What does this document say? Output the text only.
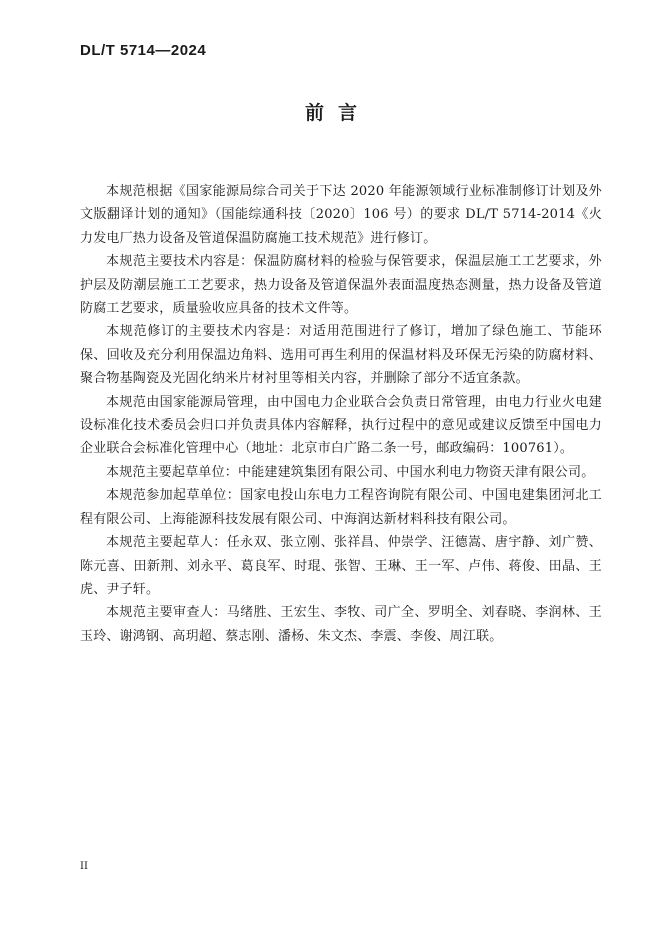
DL/T 5714—2024
前言

本规范根据《国家能源局综合司关于下达 2020 年能源领域行业标准制修订计划及外文版翻译计划的通知》（国能综通科技〔2020〕106 号）的要求 DL/T 5714-2014《火力发电厂热力设备及管道保温防腐施工技术规范》进行修订。

本规范主要技术内容是：保温防腐材料的检验与保管要求，保温层施工工艺要求，外护层及防潮层施工工艺要求，热力设备及管道保温外表面温度热态测量，热力设备及管道防腐工艺要求，质量验收应具备的技术文件等。

本规范修订的主要技术内容是：对适用范围进行了修订，增加了绿色施工、节能环保、回收及充分利用保温边角料、选用可再生利用的保温材料及环保无污染的防腐材料、聚合物基陶瓷及光固化纳米片材衬里等相关内容，并删除了部分不适宜条款。

本规范由国家能源局管理，由中国电力企业联合会负责日常管理，由电力行业火电建设标准化技术委员会归口并负责具体内容解释，执行过程中的意见或建议反馈至中国电力企业联合会标准化管理中心（地址：北京市白广路二条一号，邮政编码：100761）。

本规范主要起草单位：中能建建筑集团有限公司、中国水利电力物资天津有限公司。

本规范参加起草单位：国家电投山东电力工程咨询院有限公司、中国电建集团河北工程有限公司、上海能源科技发展有限公司、中海润达新材料科技有限公司。

本规范主要起草人：任永双、张立刚、张祥昌、仲崇学、汪德嵩、唐宇静、刘广赞、陈元喜、田新荆、刘永平、葛良军、时琨、张智、王琳、王一军、卢伟、蒋俊、田晶、王虎、尹子轩。

本规范主要审查人：马绪胜、王宏生、李牧、司广全、罗明全、刘春晓、李润林、王玉玲、谢鸿钢、高玥超、蔡志刚、潘杨、朱文杰、李震、李俊、周江联。

II
